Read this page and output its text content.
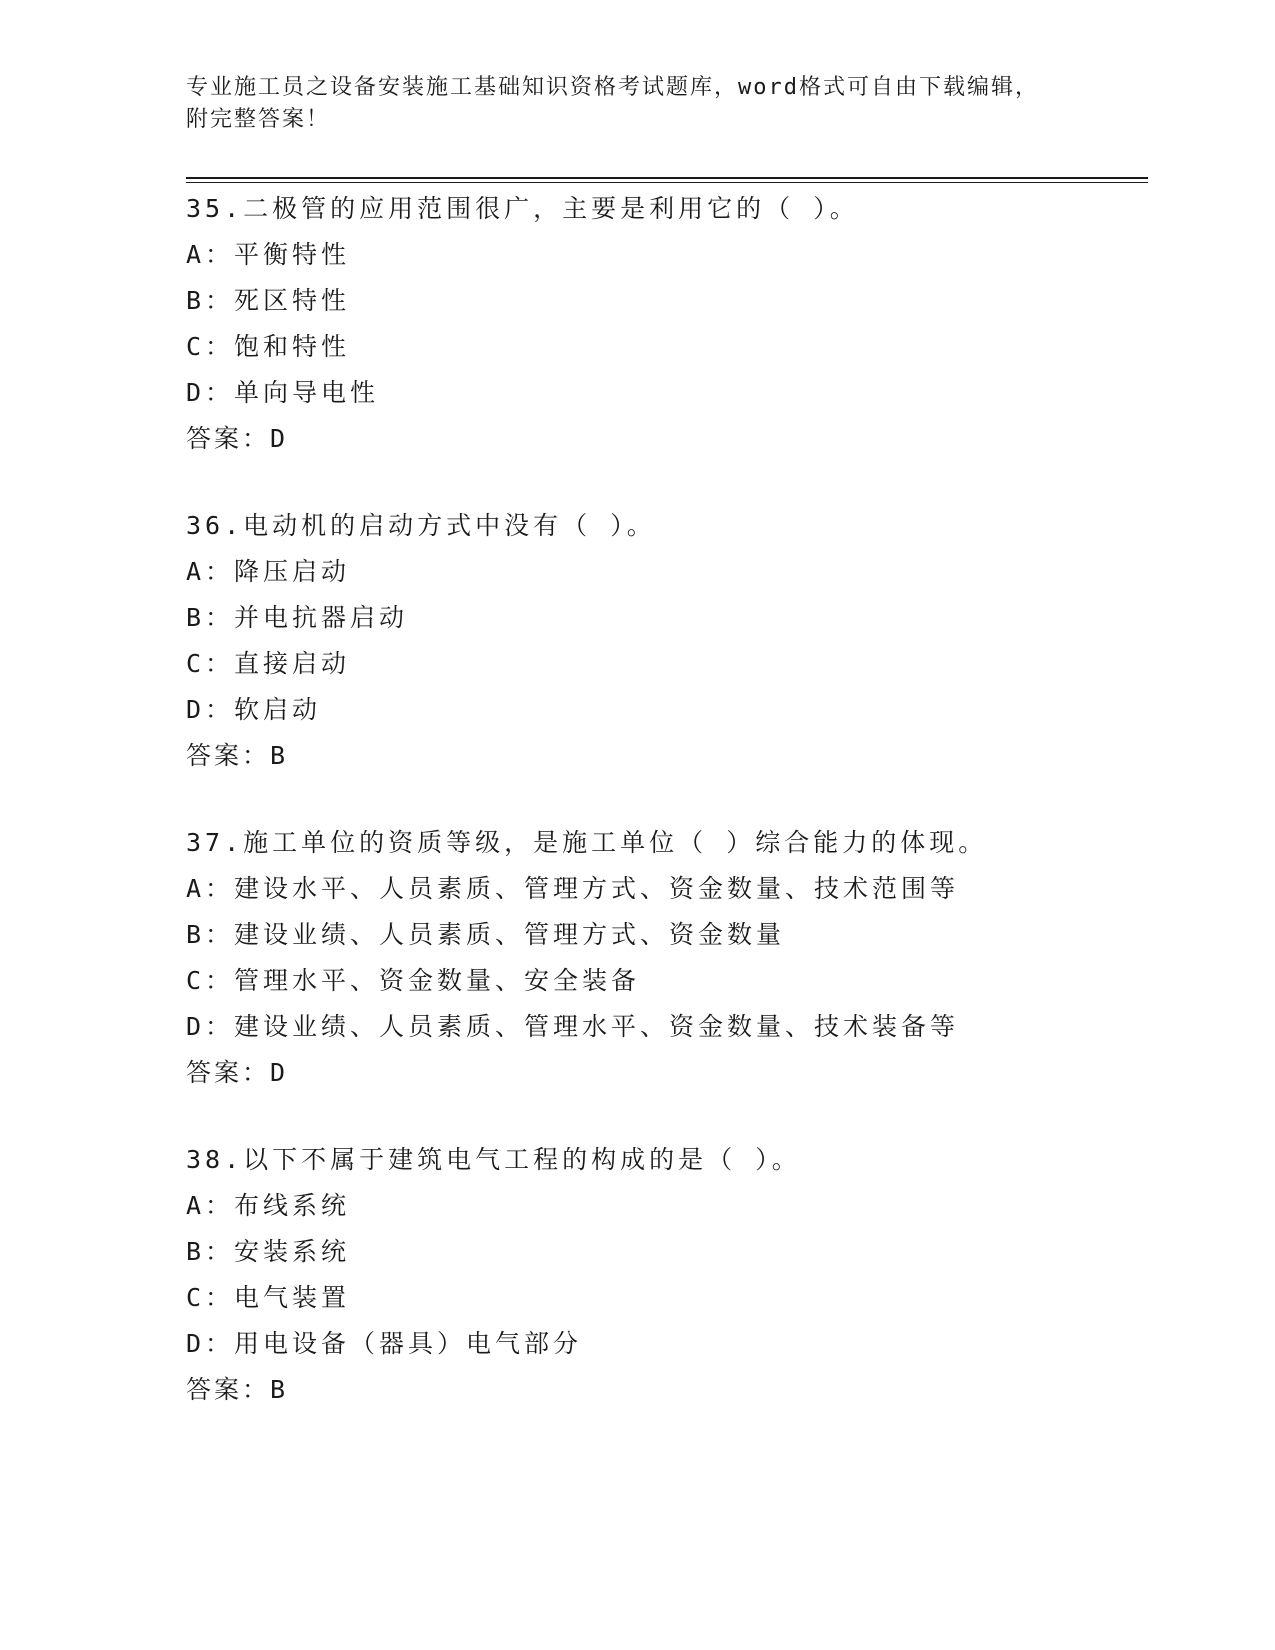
专业施工员之设备安装施工基础知识资格考试题库，word格式可自由下载编辑，
附完整答案！
35.二极管的应用范围很广，主要是利用它的（ ）。
A：平衡特性
B：死区特性
C：饱和特性
D：单向导电性
答案：D
36.电动机的启动方式中没有（ ）。
A：降压启动
B：并电抗器启动
C：直接启动
D：软启动
答案：B
37.施工单位的资质等级，是施工单位（ ）综合能力的体现。
A：建设水平、人员素质、管理方式、资金数量、技术范围等
B：建设业绩、人员素质、管理方式、资金数量
C：管理水平、资金数量、安全装备
D：建设业绩、人员素质、管理水平、资金数量、技术装备等
答案：D
38.以下不属于建筑电气工程的构成的是（ ）。
A：布线系统
B：安装系统
C：电气装置
D：用电设备（器具）电气部分
答案：B
